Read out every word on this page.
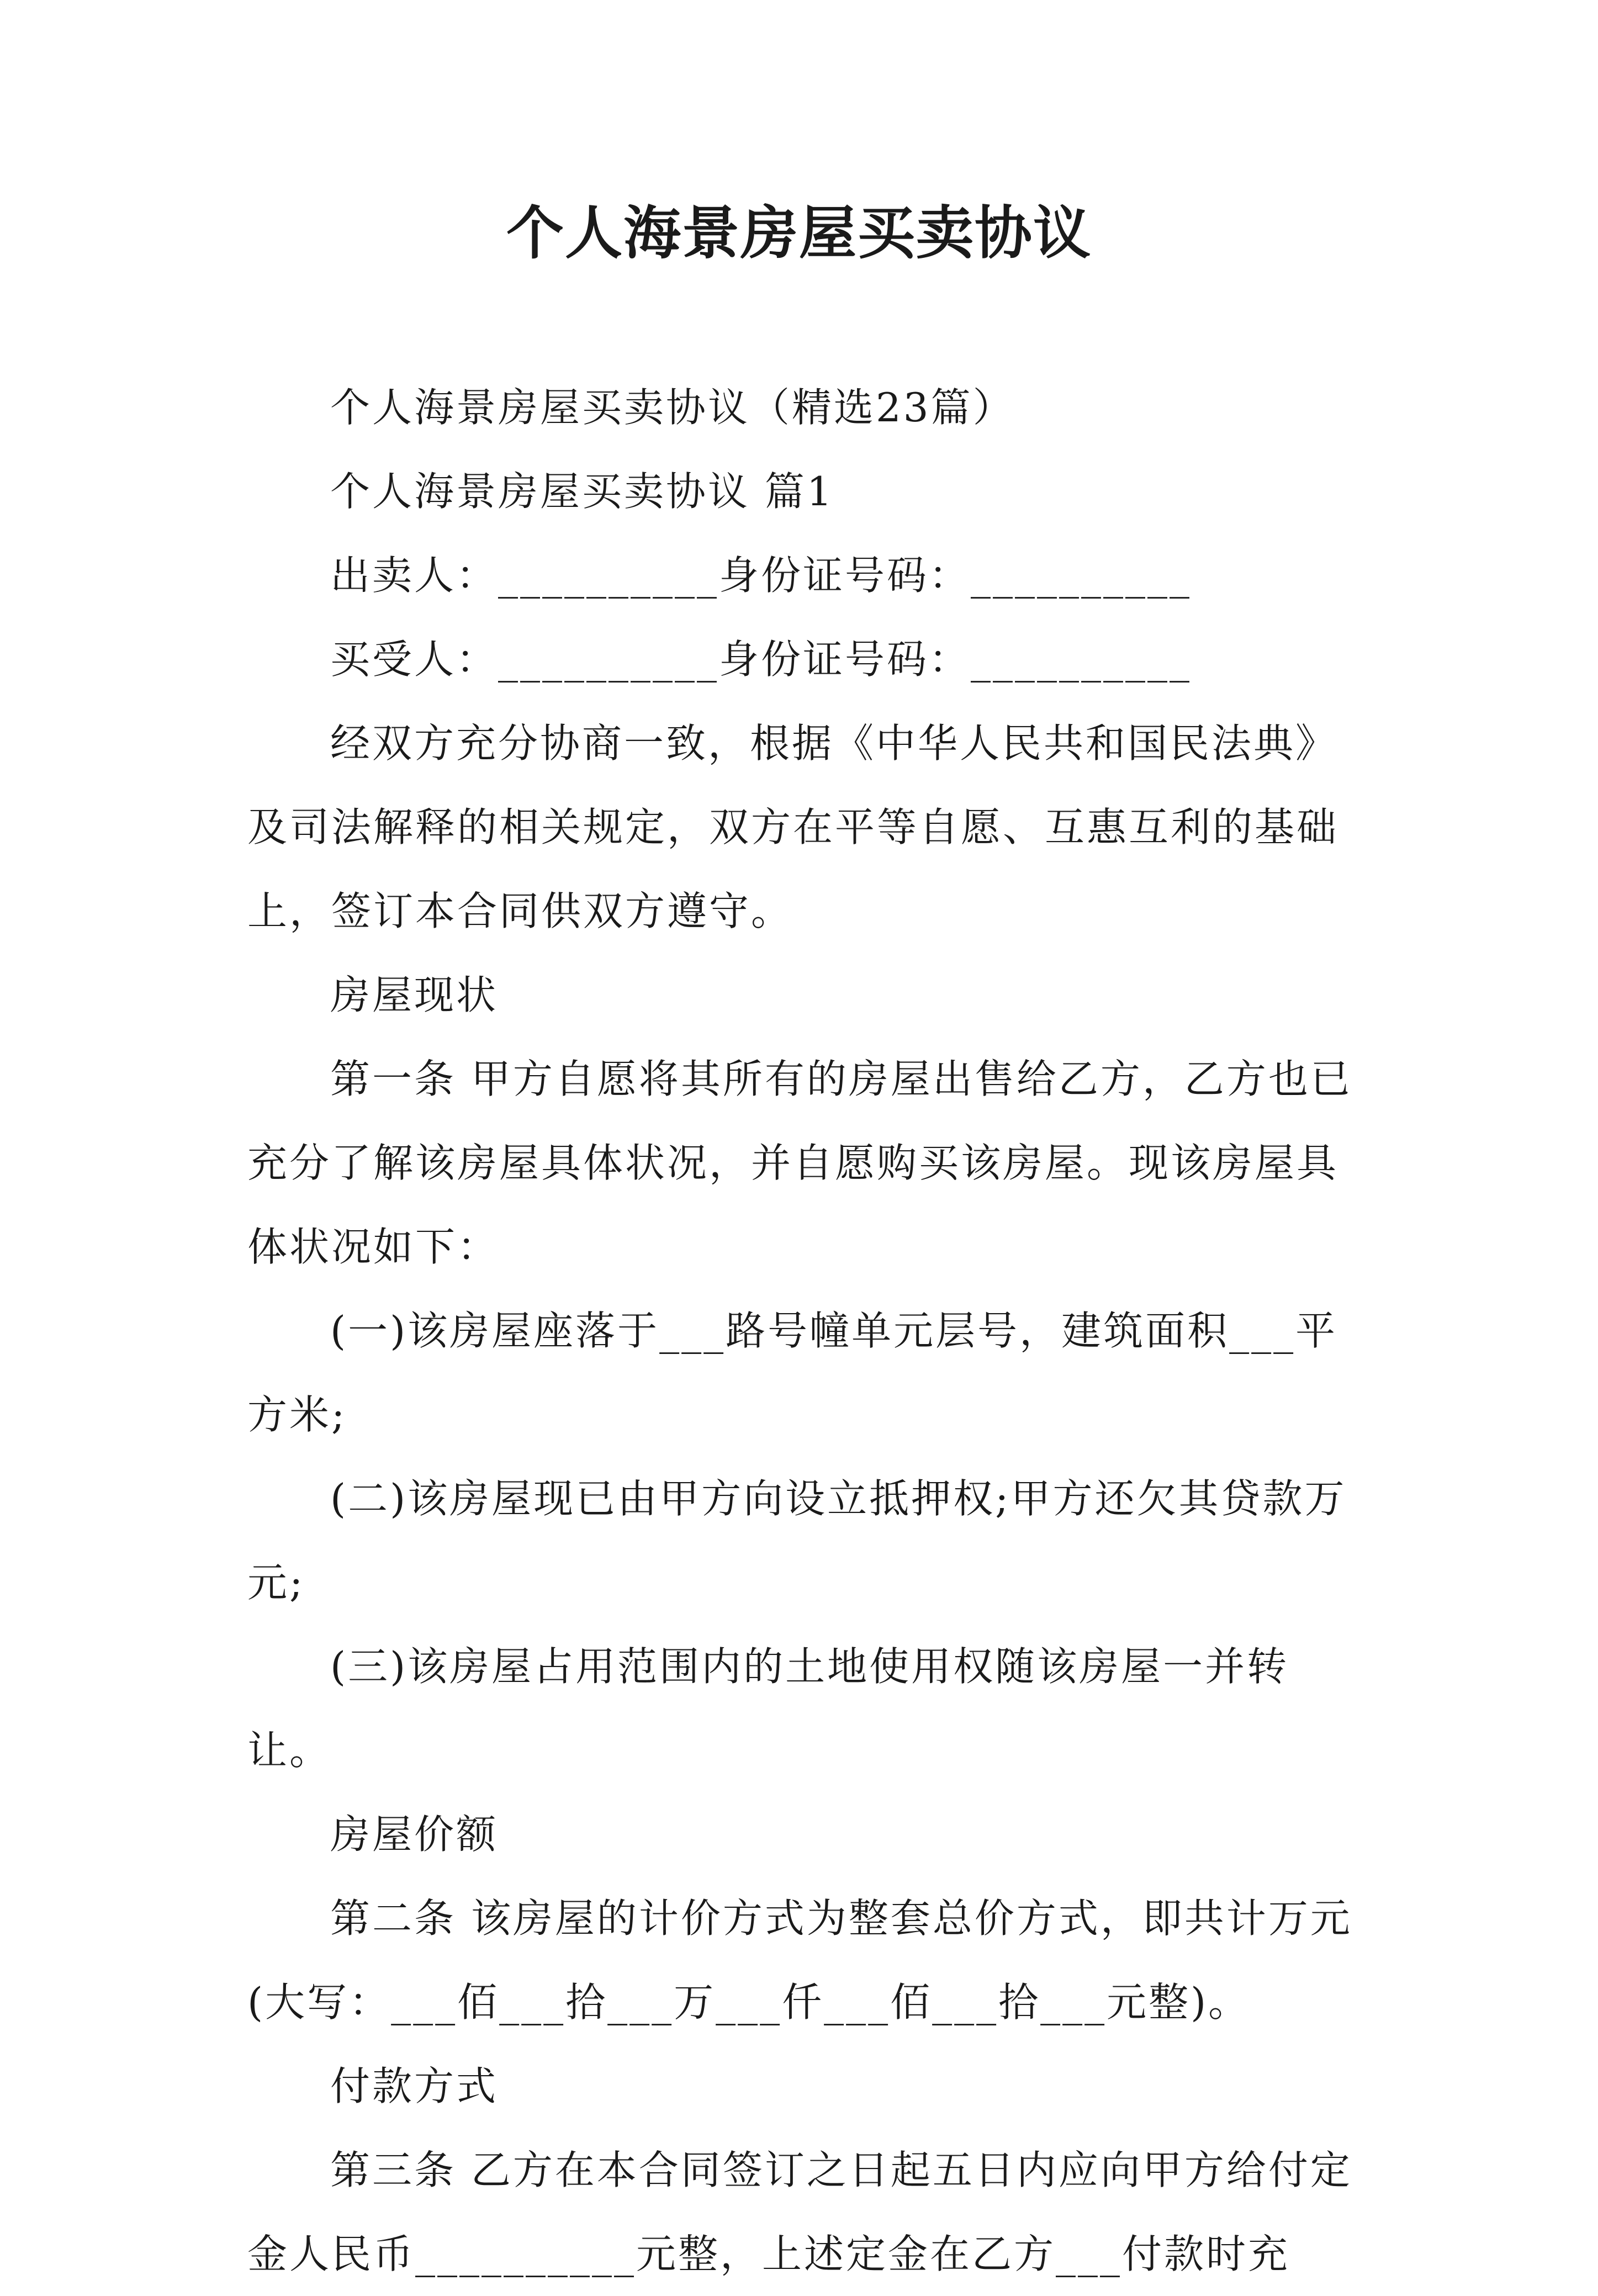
个人海景房屋买卖协议

个人海景房屋买卖协议（精选23篇）

个人海景房屋买卖协议 篇1

出卖人：__________身份证号码：__________

买受人：__________身份证号码：__________

经双方充分协商一致，根据《中华人民共和国民法典》及司法解释的相关规定，双方在平等自愿、互惠互利的基础上，签订本合同供双方遵守。

房屋现状

第一条 甲方自愿将其所有的房屋出售给乙方，乙方也已充分了解该房屋具体状况，并自愿购买该房屋。现该房屋具体状况如下：

(一)该房屋座落于___路号幢单元层号，建筑面积___平方米;

(二)该房屋现已由甲方向设立抵押权;甲方还欠其贷款万元;

(三)该房屋占用范围内的土地使用权随该房屋一并转让。

房屋价额

第二条 该房屋的计价方式为整套总价方式，即共计万元(大写：___佰___拾___万___仟___佰___拾___元整)。

付款方式

第三条 乙方在本合同签订之日起五日内应向甲方给付定金人民币__________元整，上述定金在乙方___付款时充
